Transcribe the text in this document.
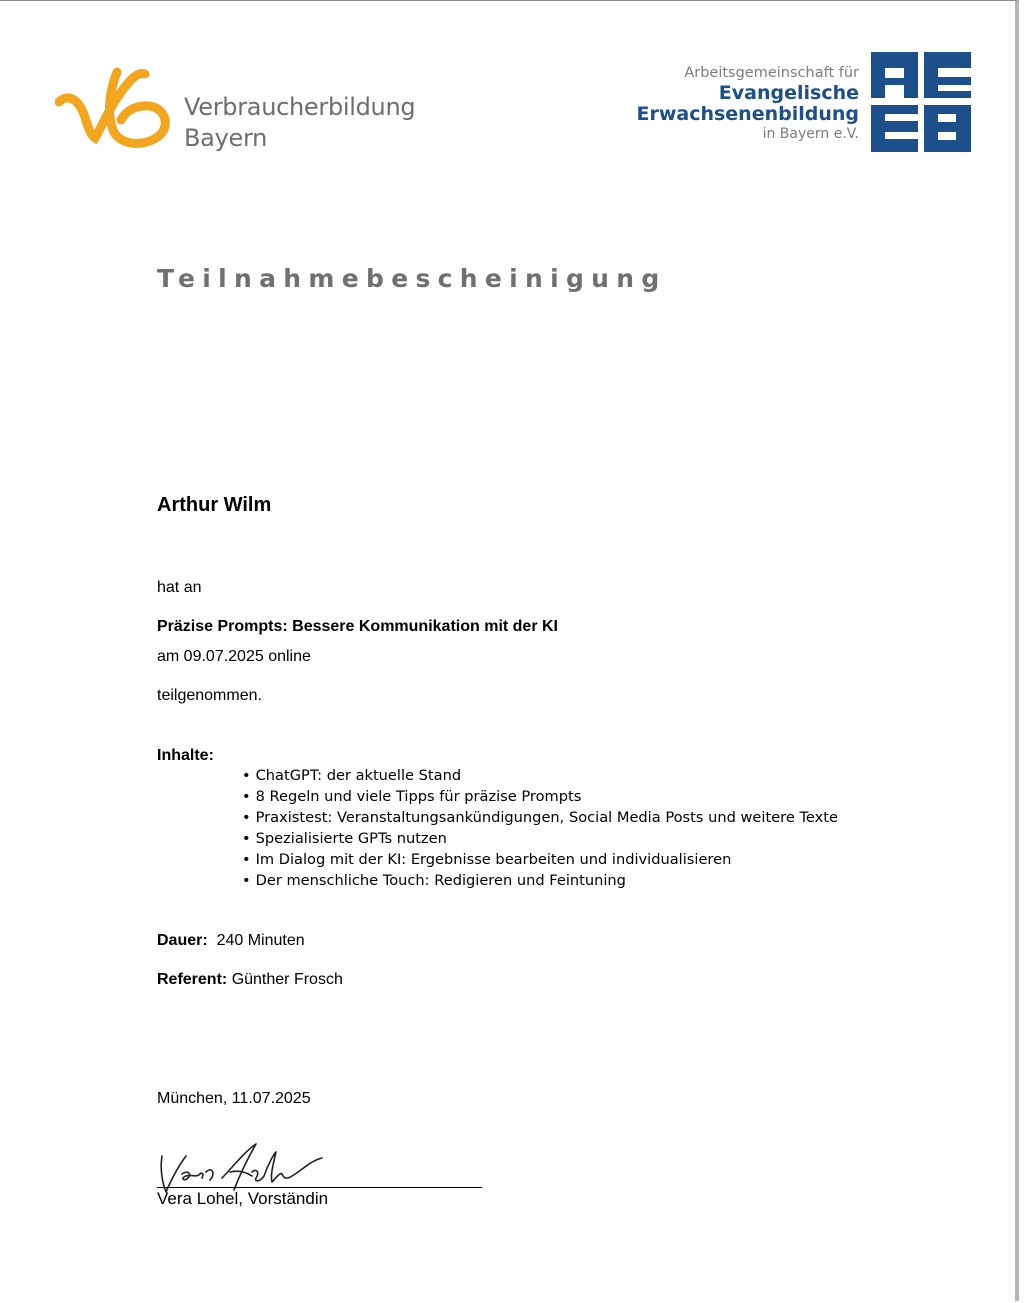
Verbraucherbildung
Bayern
Arbeitsgemeinschaft für
Evangelische
Erwachsenenbildung
in Bayern e.V.
Teilnahmebescheinigung
Arthur Wilm
hat an
Präzise Prompts: Bessere Kommunikation mit der KI
am 09.07.2025 online
teilgenommen.
Inhalte:
• ChatGPT: der aktuelle Stand
• 8 Regeln und viele Tipps für präzise Prompts
• Praxistest: Veranstaltungsankündigungen, Social Media Posts und weitere Texte
• Spezialisierte GPTs nutzen
• Im Dialog mit der KI: Ergebnisse bearbeiten und individualisieren
• Der menschliche Touch: Redigieren und Feintuning
Dauer: 240 Minuten
Referent: Günther Frosch
München, 11.07.2025
Vera Lohel, Vorständin
